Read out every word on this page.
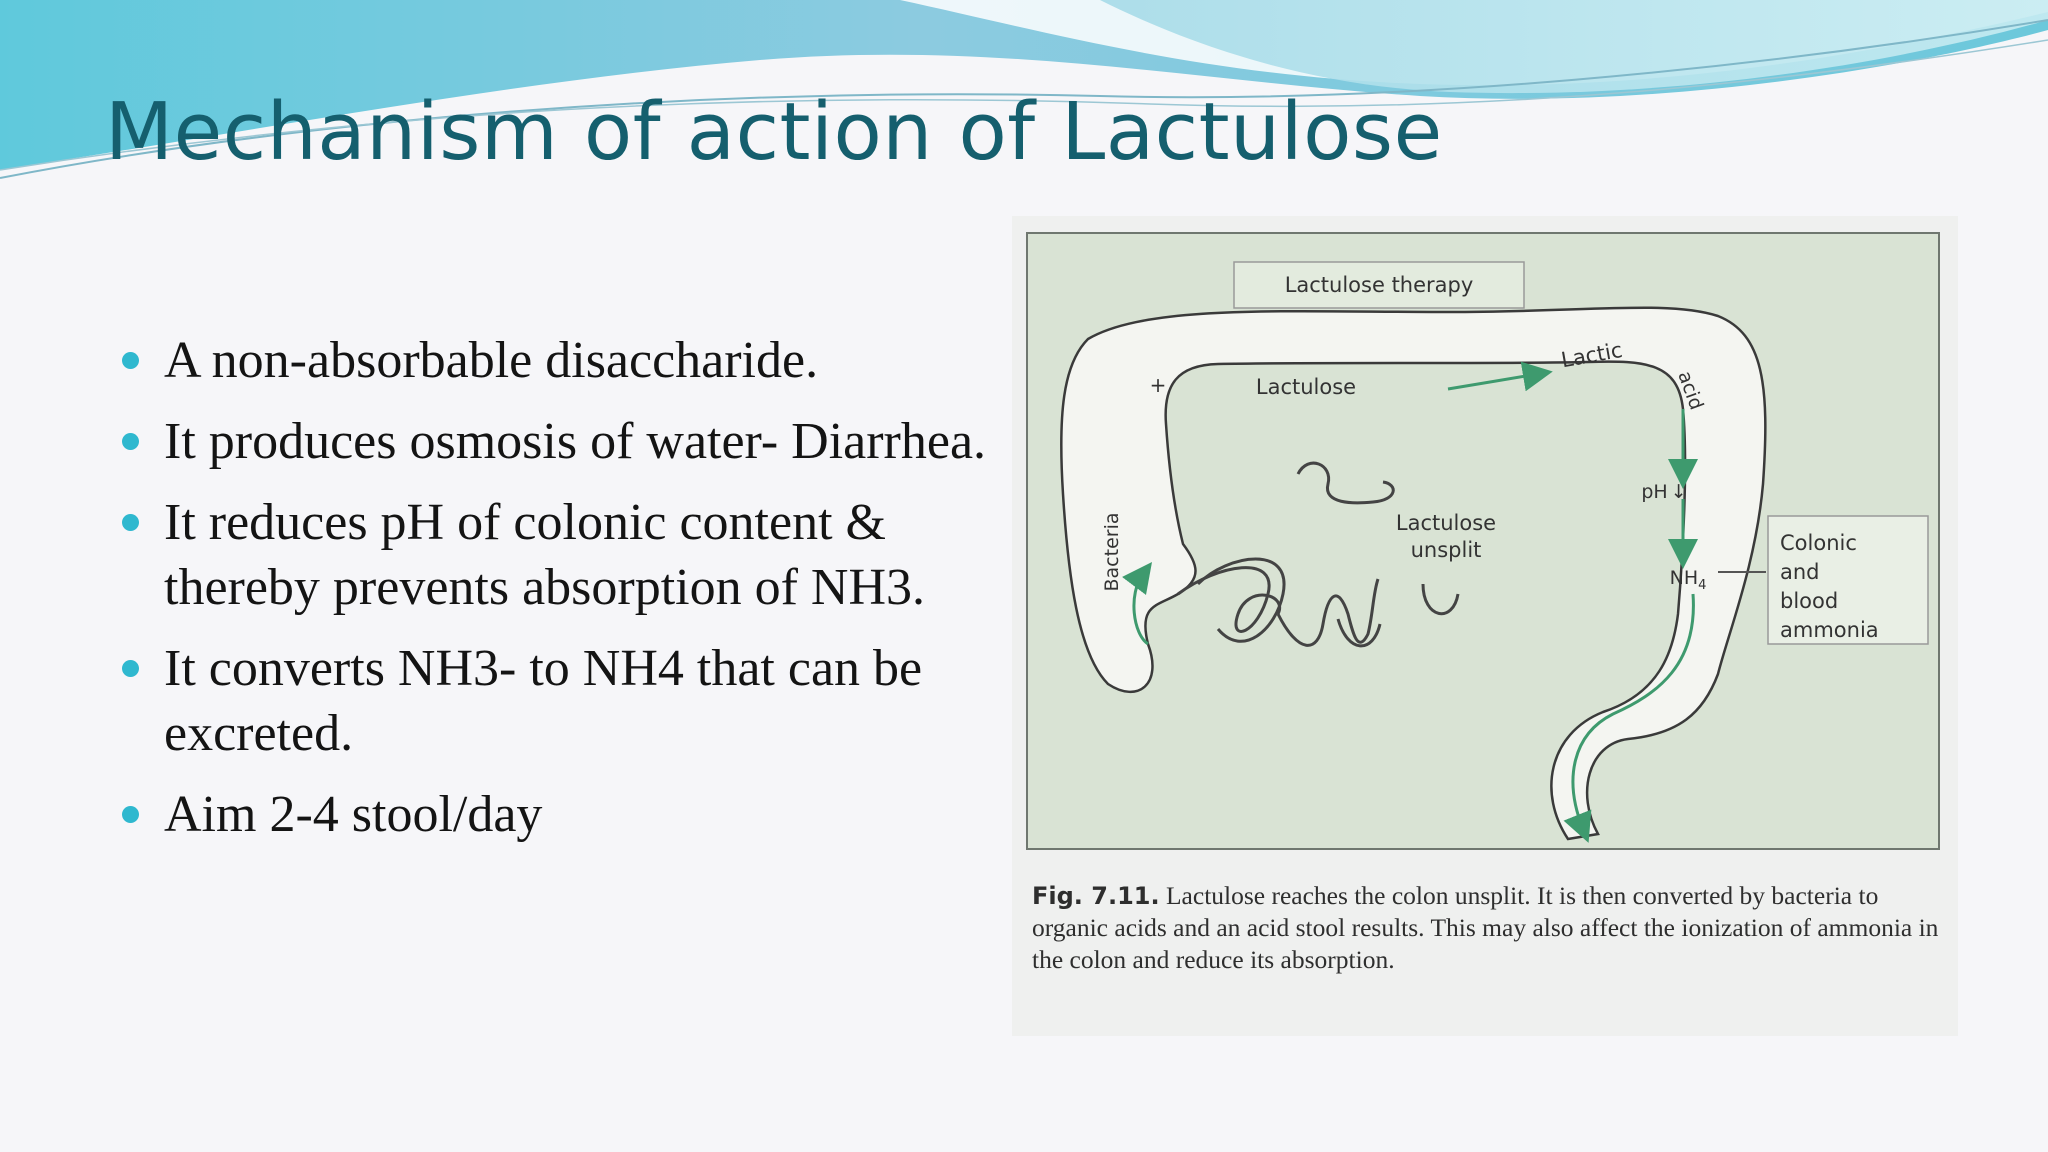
Mechanism of action of Lactulose
A non-absorbable disaccharide.
It produces osmosis of water- Diarrhea.
It reduces pH of colonic content & thereby prevents absorption of NH3.
It converts NH3- to NH4 that can be excreted.
Aim 2-4 stool/day
Lactulose therapy
+	Lactulose
Lactic
acid
Bacteria	Lactulose
unsplit
pH ↓
$NH_4$
Colonic
and
blood
ammonia
Fig. 7.11. Lactulose reaches the colon unsplit. It is then converted by bacteria to organic acids and an acid stool results. This may also affect the ionization of ammonia in the colon and reduce its absorption.
